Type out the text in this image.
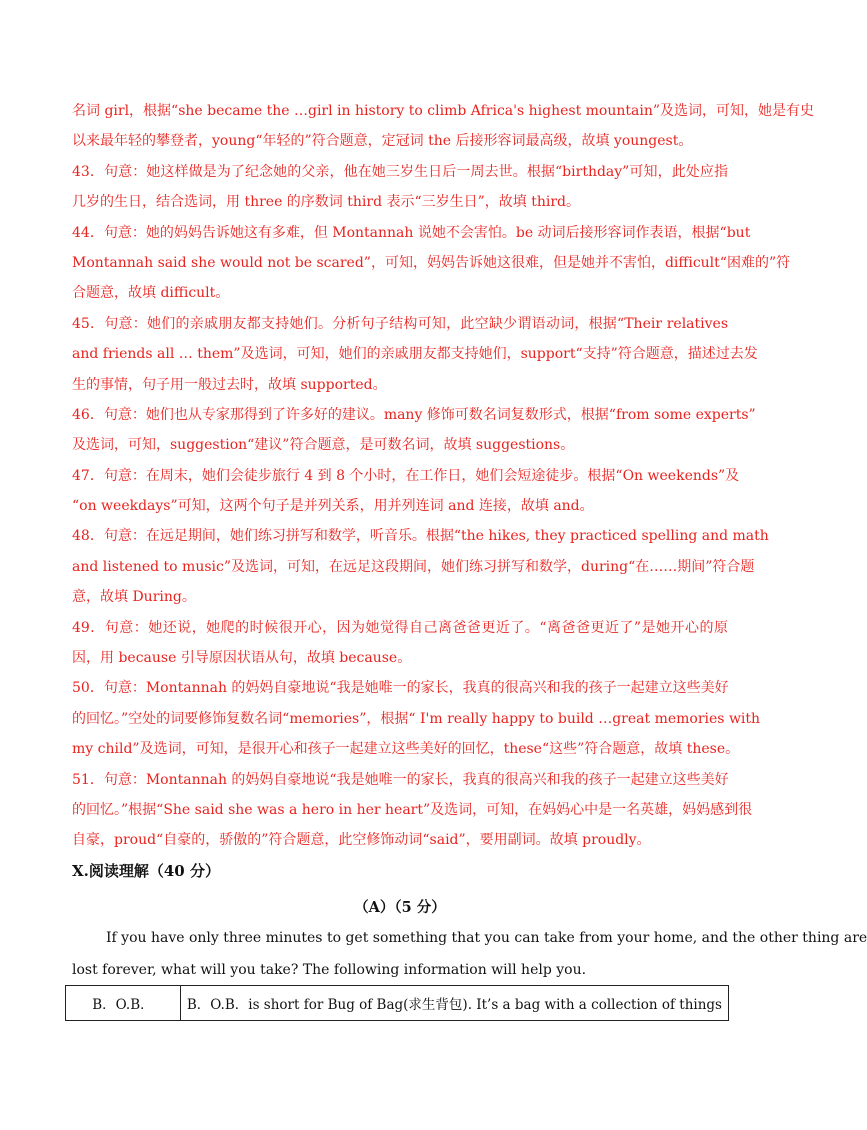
名词 girl，根据“she became the …girl in history to climb Africa's highest mountain”及选词，可知，她是有史
以来最年轻的攀登者，young“年轻的”符合题意，定冠词 the 后接形容词最高级，故填 youngest。
43．句意：她这样做是为了纪念她的父亲，他在她三岁生日后一周去世。根据“birthday”可知，此处应指
几岁的生日，结合选词，用 three 的序数词 third 表示“三岁生日”，故填 third。
44．句意：她的妈妈告诉她这有多难，但 Montannah 说她不会害怕。be 动词后接形容词作表语，根据“but
Montannah said she would not be scared”，可知，妈妈告诉她这很难，但是她并不害怕，difficult“困难的”符
合题意，故填 difficult。
45．句意：她们的亲戚朋友都支持她们。分析句子结构可知，此空缺少谓语动词，根据“Their relatives
and friends all … them”及选词，可知，她们的亲戚朋友都支持她们，support“支持”符合题意，描述过去发
生的事情，句子用一般过去时，故填 supported。
46．句意：她们也从专家那得到了许多好的建议。many 修饰可数名词复数形式，根据“from some experts”
及选词，可知，suggestion“建议”符合题意，是可数名词，故填 suggestions。
47．句意：在周末，她们会徒步旅行 4 到 8 个小时，在工作日，她们会短途徒步。根据“On weekends”及
“on weekdays”可知，这两个句子是并列关系，用并列连词 and 连接，故填 and。
48．句意：在远足期间，她们练习拼写和数学，听音乐。根据“the hikes, they practiced spelling and math
and listened to music”及选词，可知，在远足这段期间，她们练习拼写和数学，during“在……期间”符合题
意，故填 During。
49．句意：她还说，她爬的时候很开心，因为她觉得自己离爸爸更近了。“离爸爸更近了”是她开心的原
因，用 because 引导原因状语从句，故填 because。
50．句意：Montannah 的妈妈自豪地说“我是她唯一的家长，我真的很高兴和我的孩子一起建立这些美好
的回忆。”空处的词要修饰复数名词“memories”，根据“ I'm really happy to build …great memories with
my child”及选词，可知，是很开心和孩子一起建立这些美好的回忆，these“这些”符合题意，故填 these。
51．句意：Montannah 的妈妈自豪地说“我是她唯一的家长，我真的很高兴和我的孩子一起建立这些美好
的回忆。”根据“She said she was a hero in her heart”及选词，可知，在妈妈心中是一名英雄，妈妈感到很
自豪，proud“自豪的，骄傲的”符合题意，此空修饰动词“said”，要用副词。故填 proudly。
X.阅读理解（40 分）
（A）（5 分）
If you have only three minutes to get something that you can take from your home, and the other thing are
lost forever, what will you take? The following information will help you.
B．O.B．	B．O.B．is short for Bug of Bag(求生背包). It’s a bag with a collection of things
